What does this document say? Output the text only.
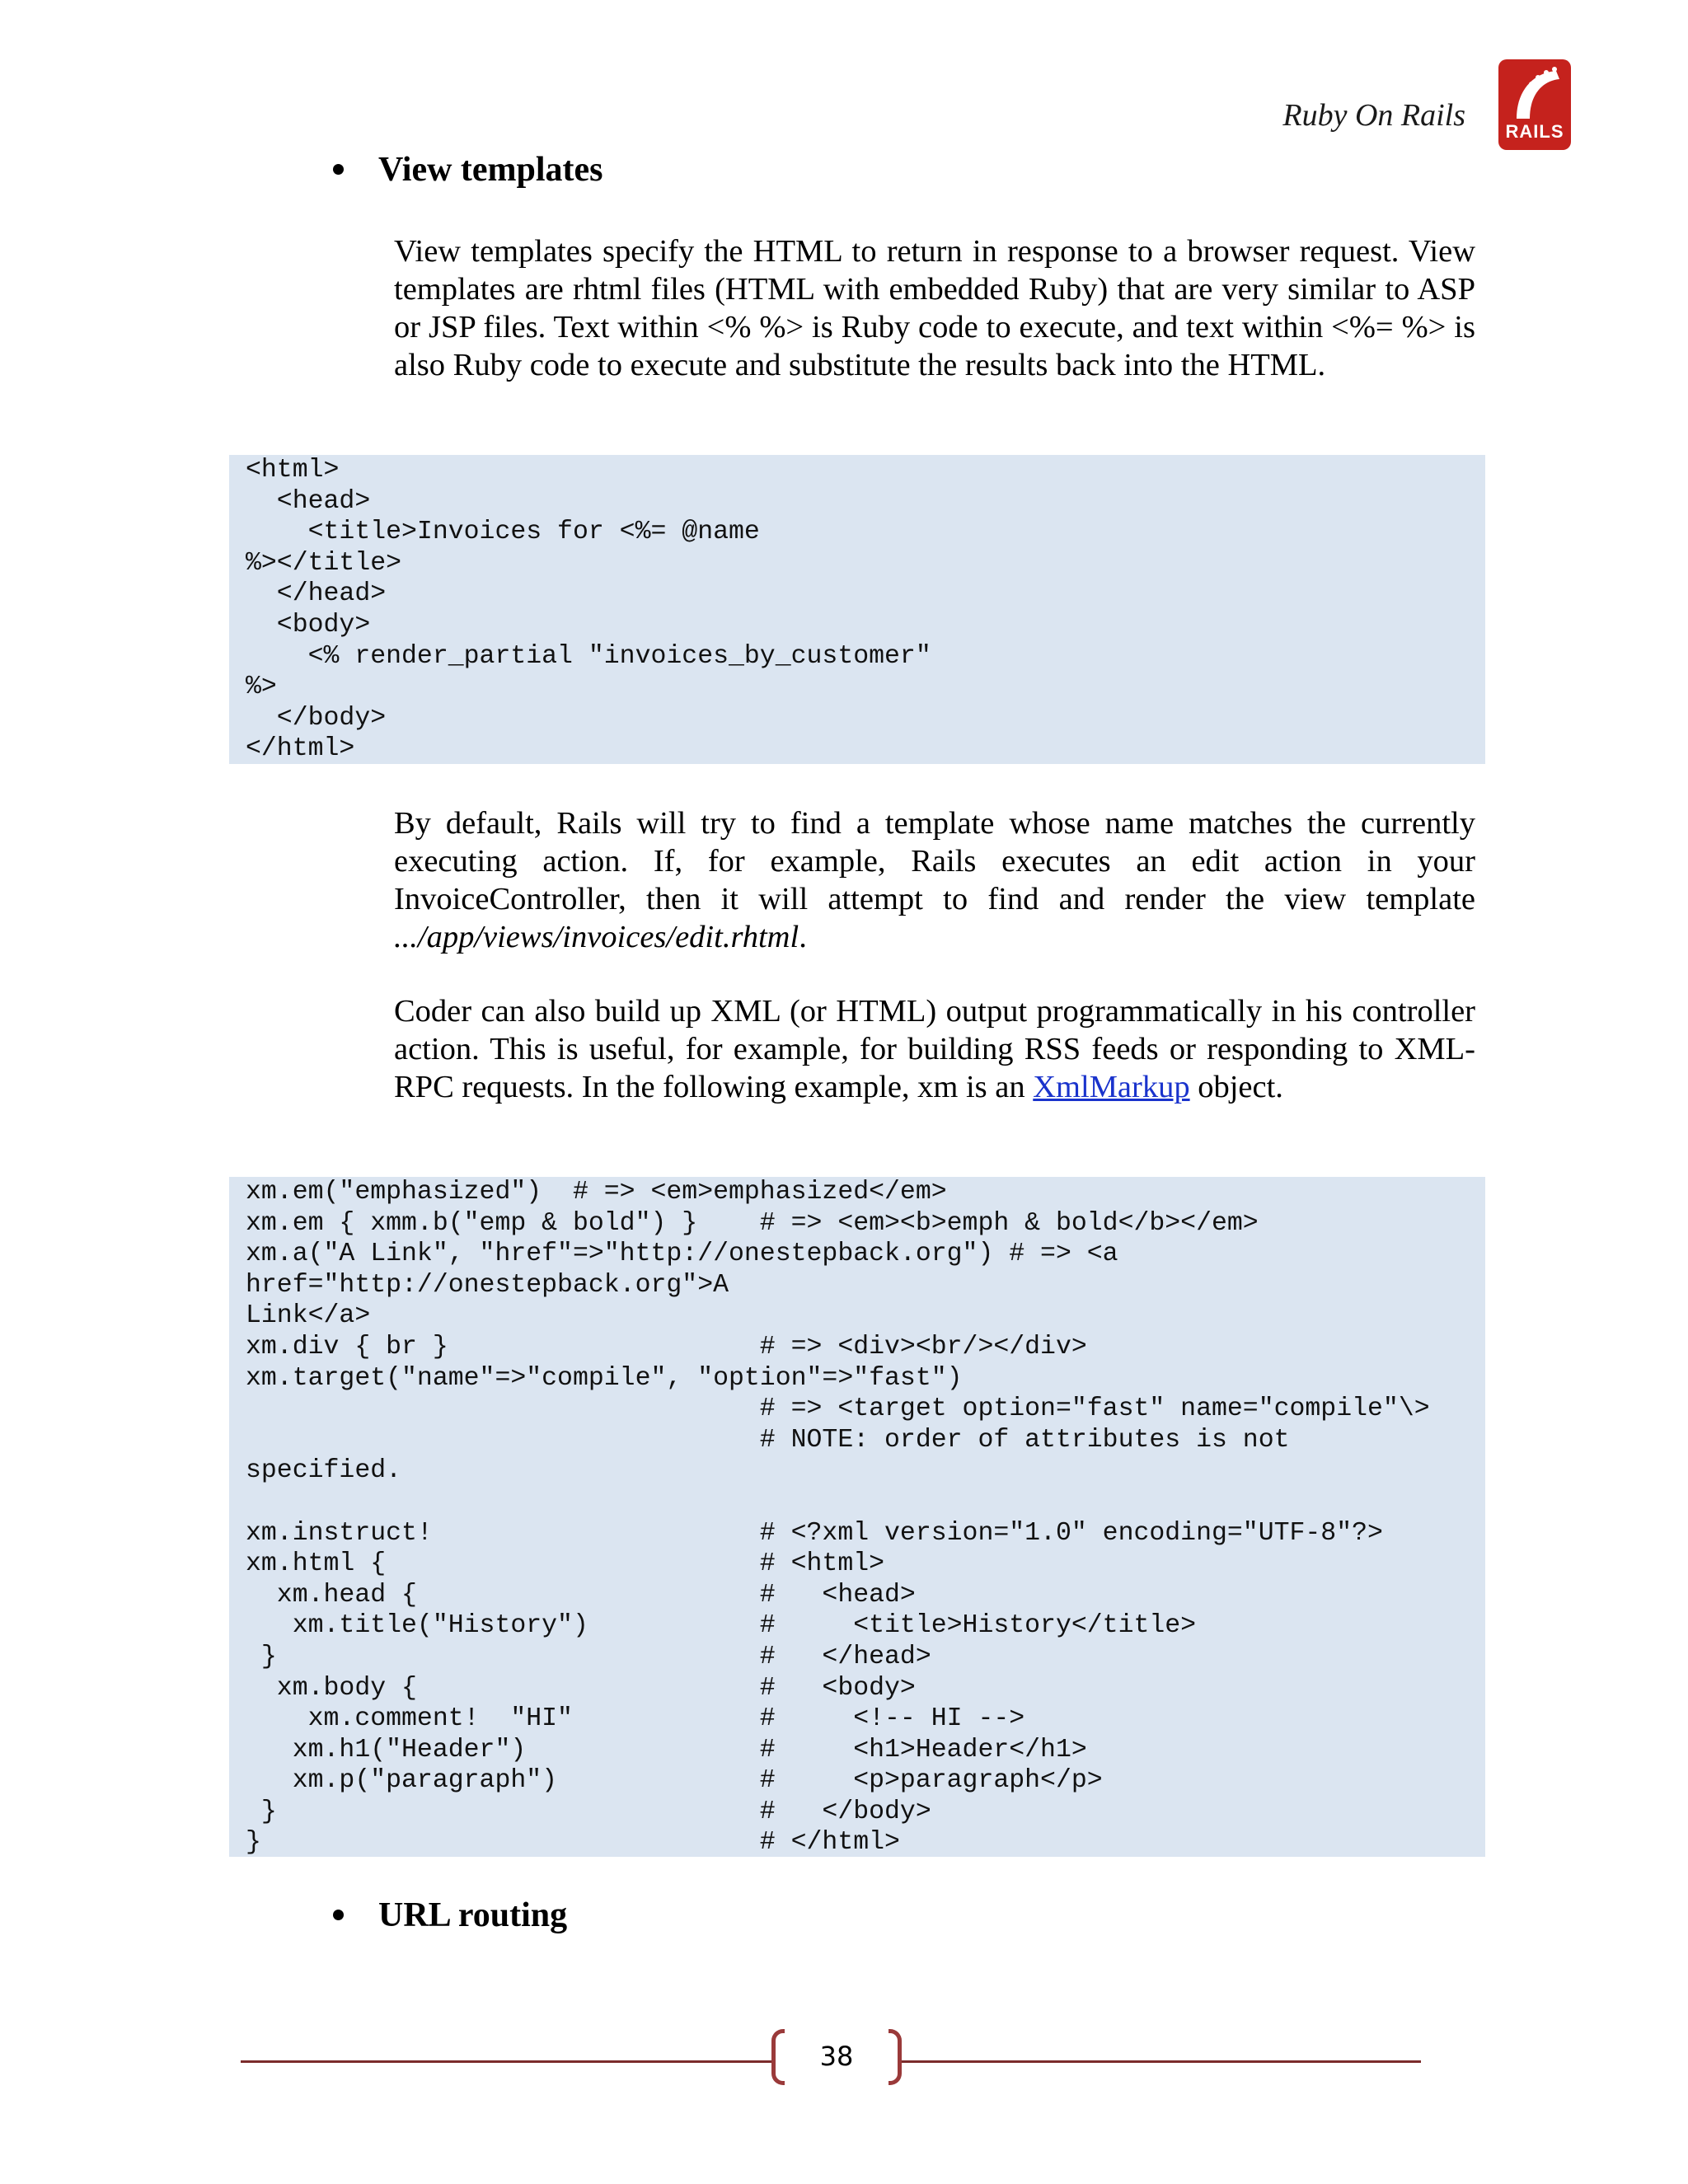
Ruby On Rails	RAILS
View templates

View templates specify the HTML to return in response to a browser request. View templates are rhtml files (HTML with embedded Ruby) that are very similar to ASP or JSP files. Text within <% %> is Ruby code to execute, and text within <%= %> is also Ruby code to execute and substitute the results back into the HTML.

<html>
<head>
<title>Invoices for <%= @name
%></title>
</head>
<body>
<% render_partial "invoices_by_customer"
%>
</body>
</html>

By default, Rails will try to find a template whose name matches the currently executing action. If, for example, Rails executes an edit action in your InvoiceController, then it will attempt to find and render the view template .../app/views/invoices/edit.rhtml.

Coder can also build up XML (or HTML) output programmatically in his controller action. This is useful, for example, for building RSS feeds or responding to XML-RPC requests. In the following example, xm is an XmlMarkup object.

xm.em("emphasized")  # => <em>emphasized</em>
xm.em { xmm.b("emp & bold") }    # => <em><b>emph & bold</b></em>
xm.a("A Link", "href"=>"http://onestepback.org") # => <a
href="http://onestepback.org">A
Link</a>
xm.div { br }                    # => <div><br/></div>
xm.target("name"=>"compile", "option"=>"fast")
# => <target option="fast" name="compile"\>
# NOTE: order of attributes is not
specified.

xm.instruct!                     # <?xml version="1.0" encoding="UTF-8"?>
xm.html {                        # <html>
xm.head {                      #   <head>
xm.title("History")           #     <title>History</title>
}                               #   </head>
xm.body {                      #   <body>
xm.comment!  "HI"            #     <!-- HI -->
xm.h1("Header")               #     <h1>Header</h1>
xm.p("paragraph")             #     <p>paragraph</p>
}                               #   </body>
}                                # </html>
URL routing
38
